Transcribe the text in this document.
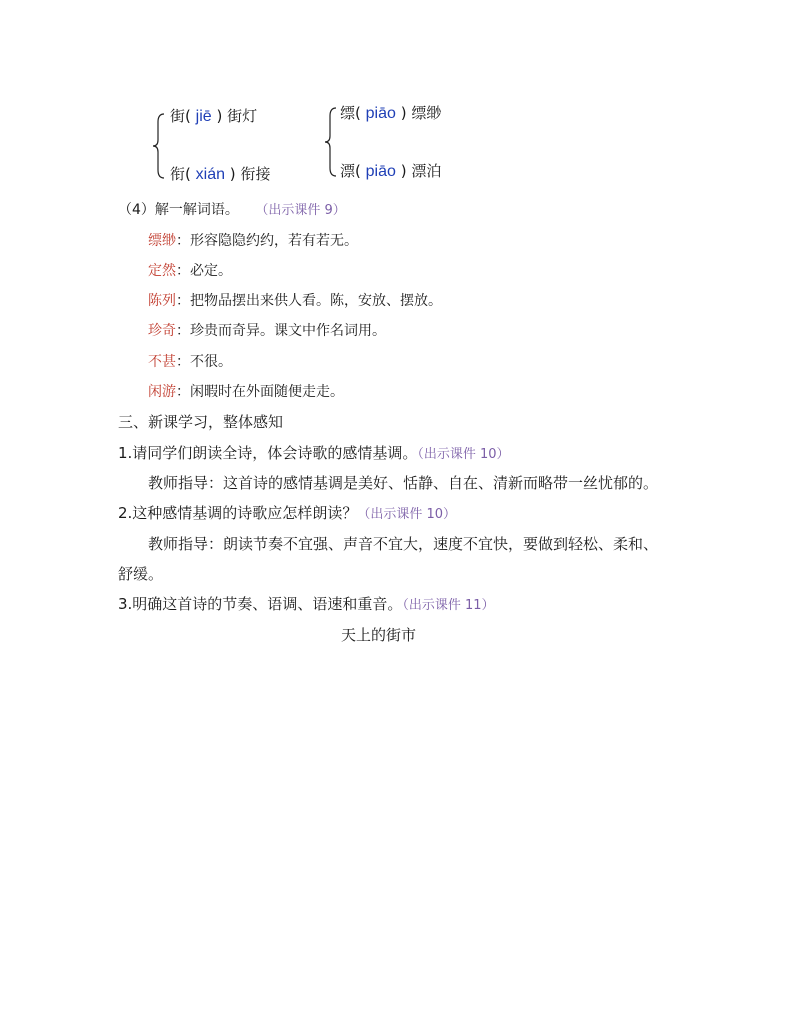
街( jiē ) 街灯
衔( xián ) 衔接
缥( piāo ) 缥缈
漂( piāo ) 漂泊
（4）解一解词语。 （出示课件 9）
缥缈：形容隐隐约约，若有若无。
定然：必定。
陈列：把物品摆出来供人看。陈，安放、摆放。
珍奇：珍贵而奇异。课文中作名词用。
不甚：不很。
闲游：闲暇时在外面随便走走。
三、新课学习，整体感知
1.请同学们朗读全诗，体会诗歌的感情基调。（出示课件 10）
教师指导：这首诗的感情基调是美好、恬静、自在、清新而略带一丝忧郁的。
2.这种感情基调的诗歌应怎样朗读？（出示课件 10）
教师指导：朗读节奏不宜强、声音不宜大，速度不宜快，要做到轻松、柔和、
舒缓。
3.明确这首诗的节奏、语调、语速和重音。（出示课件 11）
天上的街市
